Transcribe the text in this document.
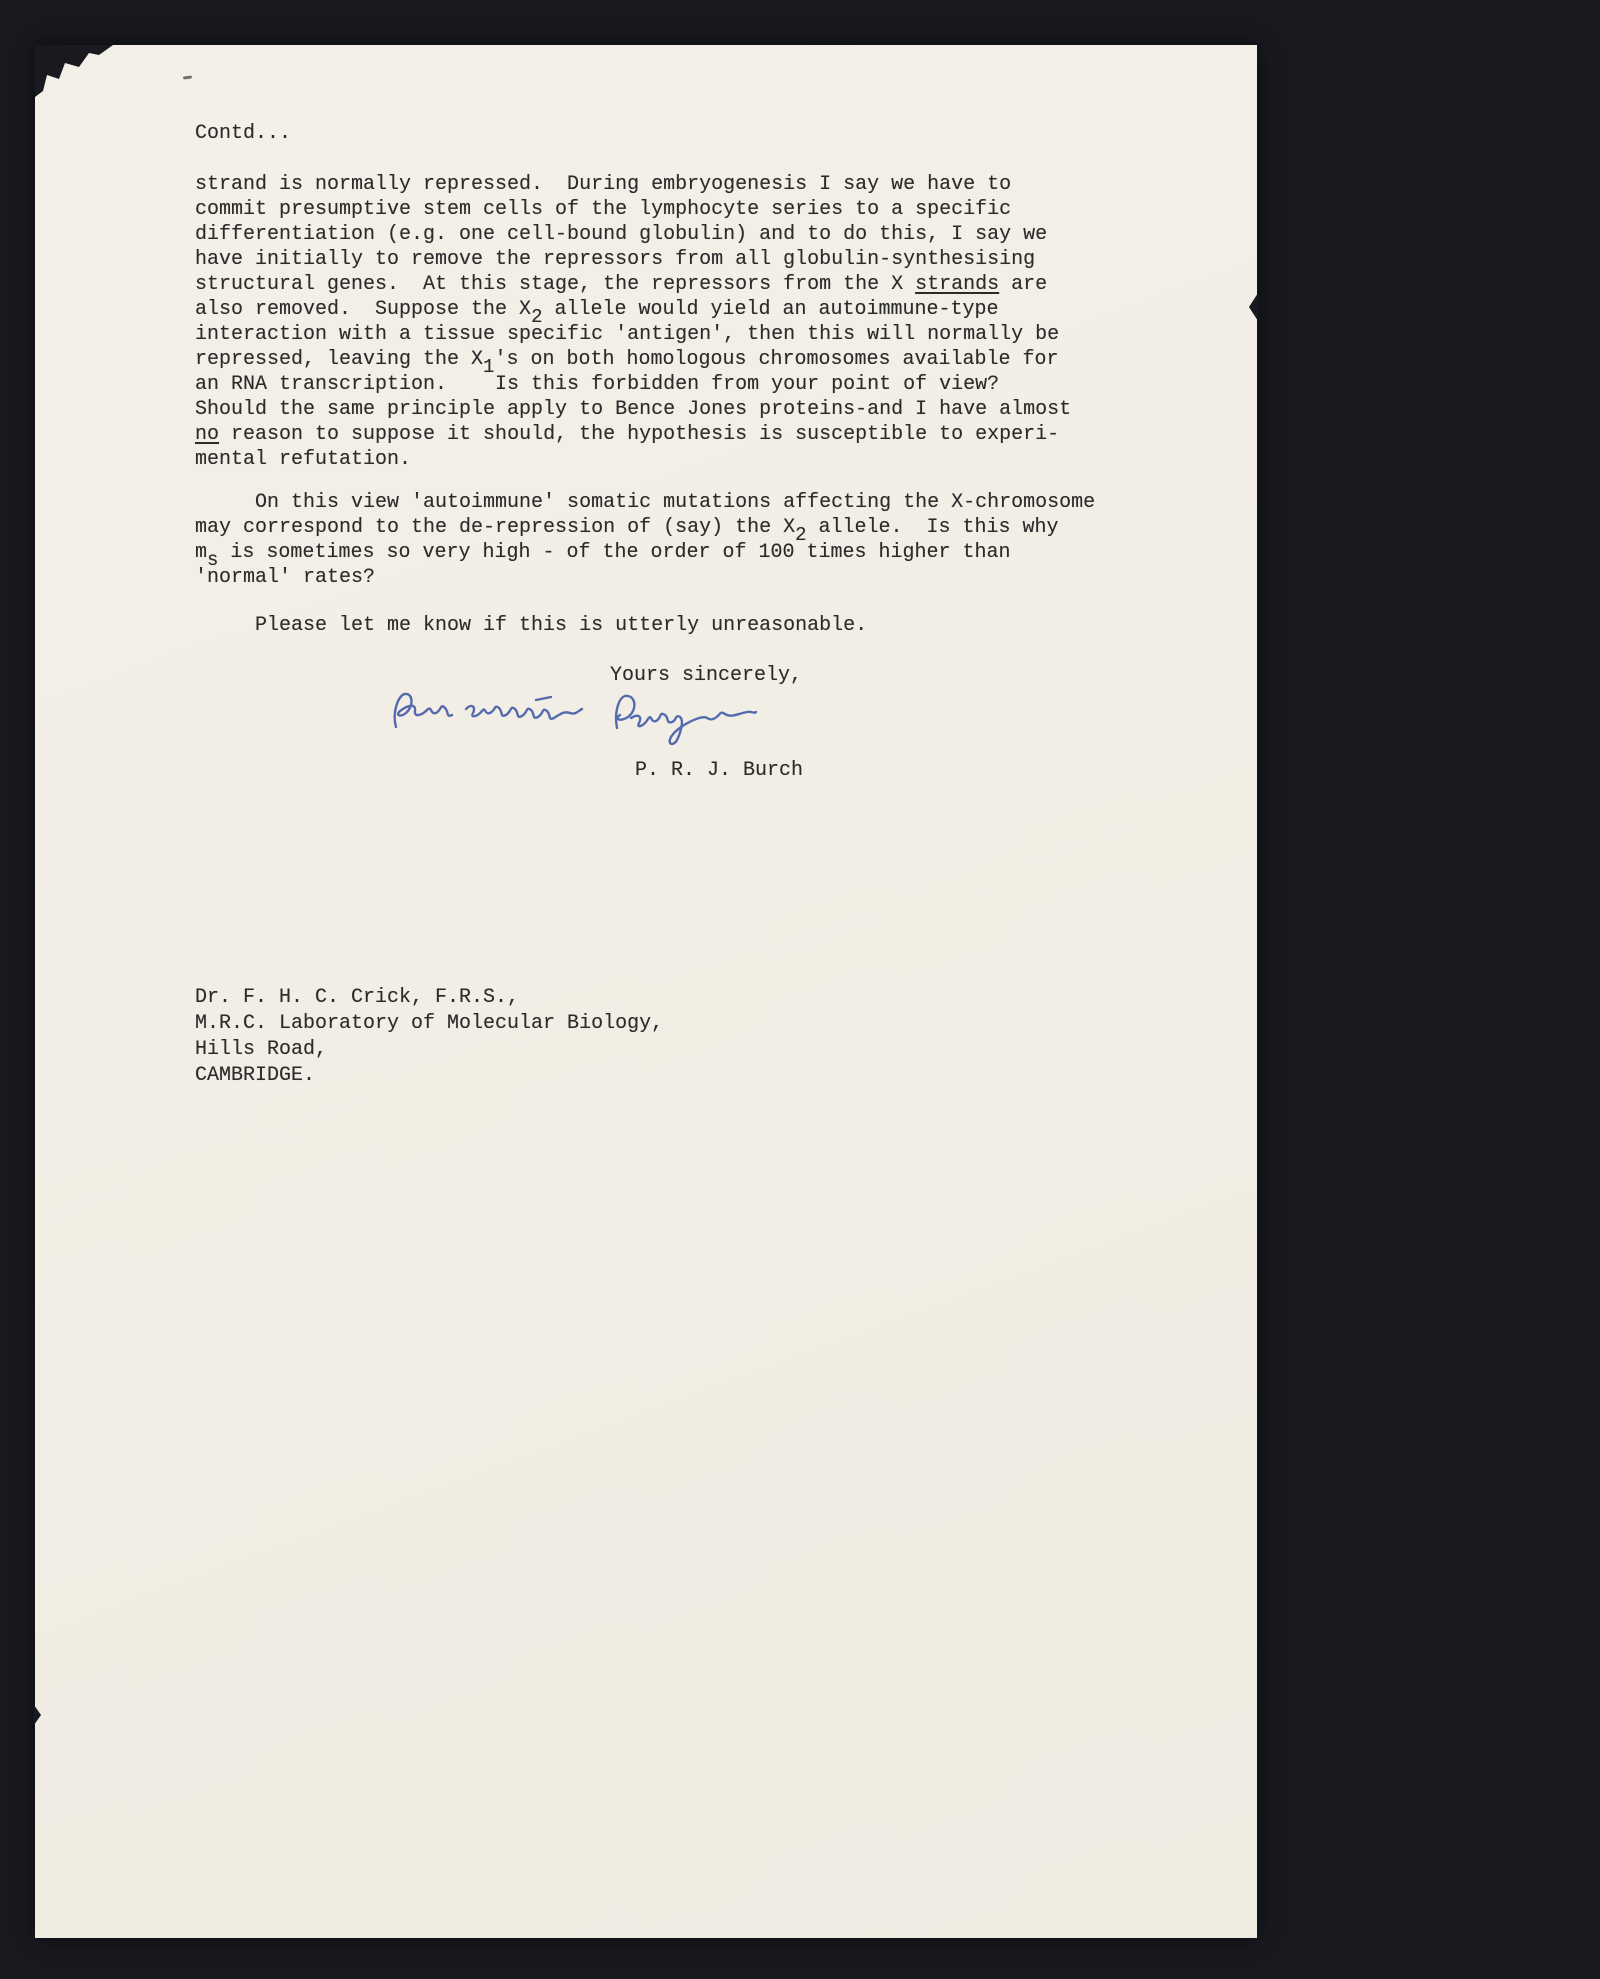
Contd...
strand is normally repressed.  During embryogenesis I say we have to
commit presumptive stem cells of the lymphocyte series to a specific
differentiation (e.g. one cell-bound globulin) and to do this, I say we
have initially to remove the repressors from all globulin-synthesising
structural genes.  At this stage, the repressors from the X strands are
also removed.  Suppose the X2 allele would yield an autoimmune-type
interaction with a tissue specific 'antigen', then this will normally be
repressed, leaving the X1's on both homologous chromosomes available for
an RNA transcription.    Is this forbidden from your point of view?
Should the same principle apply to Bence Jones proteins-and I have almost
no reason to suppose it should, the hypothesis is susceptible to experi-
mental refutation.
On this view 'autoimmune' somatic mutations affecting the X-chromosome
may correspond to the de-repression of (say) the X2 allele.  Is this why
ms is sometimes so very high - of the order of 100 times higher than
'normal' rates?
Please let me know if this is utterly unreasonable.
Yours sincerely,
P. R. J. Burch
Dr. F. H. C. Crick, F.R.S.,
M.R.C. Laboratory of Molecular Biology,
Hills Road,
CAMBRIDGE.
